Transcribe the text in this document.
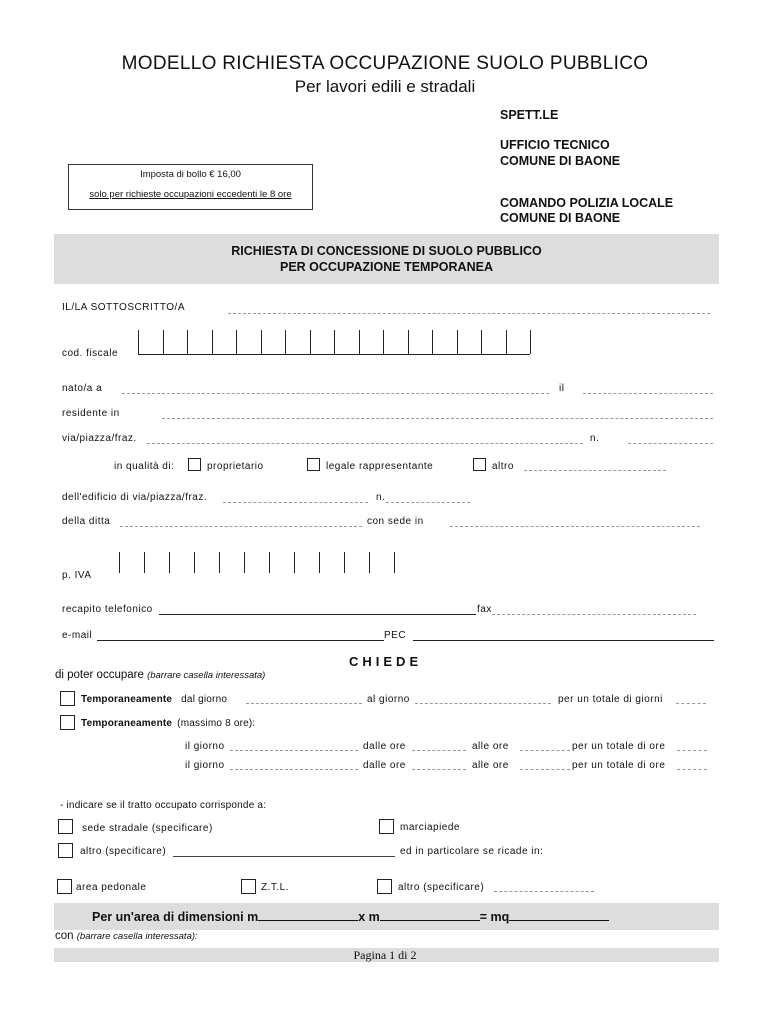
MODELLO RICHIESTA OCCUPAZIONE SUOLO PUBBLICO
Per lavori edili e stradali
SPETT.LE
UFFICIO TECNICO
COMUNE DI BAONE
COMANDO POLIZIA LOCALE
COMUNE DI BAONE
Imposta di bollo € 16,00
solo per richieste occupazioni eccedenti le 8 ore
RICHIESTA DI CONCESSIONE DI SUOLO PUBBLICO
PER OCCUPAZIONE TEMPORANEA
IL/LA SOTTOSCRITTO/A
cod. fiscale
nato/a a	il
residente in
via/piazza/fraz.	n.
in qualità di:	proprietario	legale rappresentante	altro
dell'edificio di via/piazza/fraz.	n.
della ditta	con sede in
p. IVA
recapito telefonico	fax
e-mail	PEC
CHIEDE
di poter occupare (barrare casella interessata)
Temporaneamente dal giorno	al giorno	per un totale di giorni
Temporaneamente (massimo 8 ore):
il giorno	dalle ore	alle ore	per un totale di ore
il giorno	dalle ore	alle ore	per un totale di ore
- indicare se il tratto occupato corrisponde a:
sede stradale (specificare)	marciapiede
altro (specificare)	ed in particolare se ricade in:
area pedonale	Z.T.L.	altro (specificare)
Per un'area di dimensioni m	x m	= mq
con (barrare casella interessata):
Pagina 1 di 2
